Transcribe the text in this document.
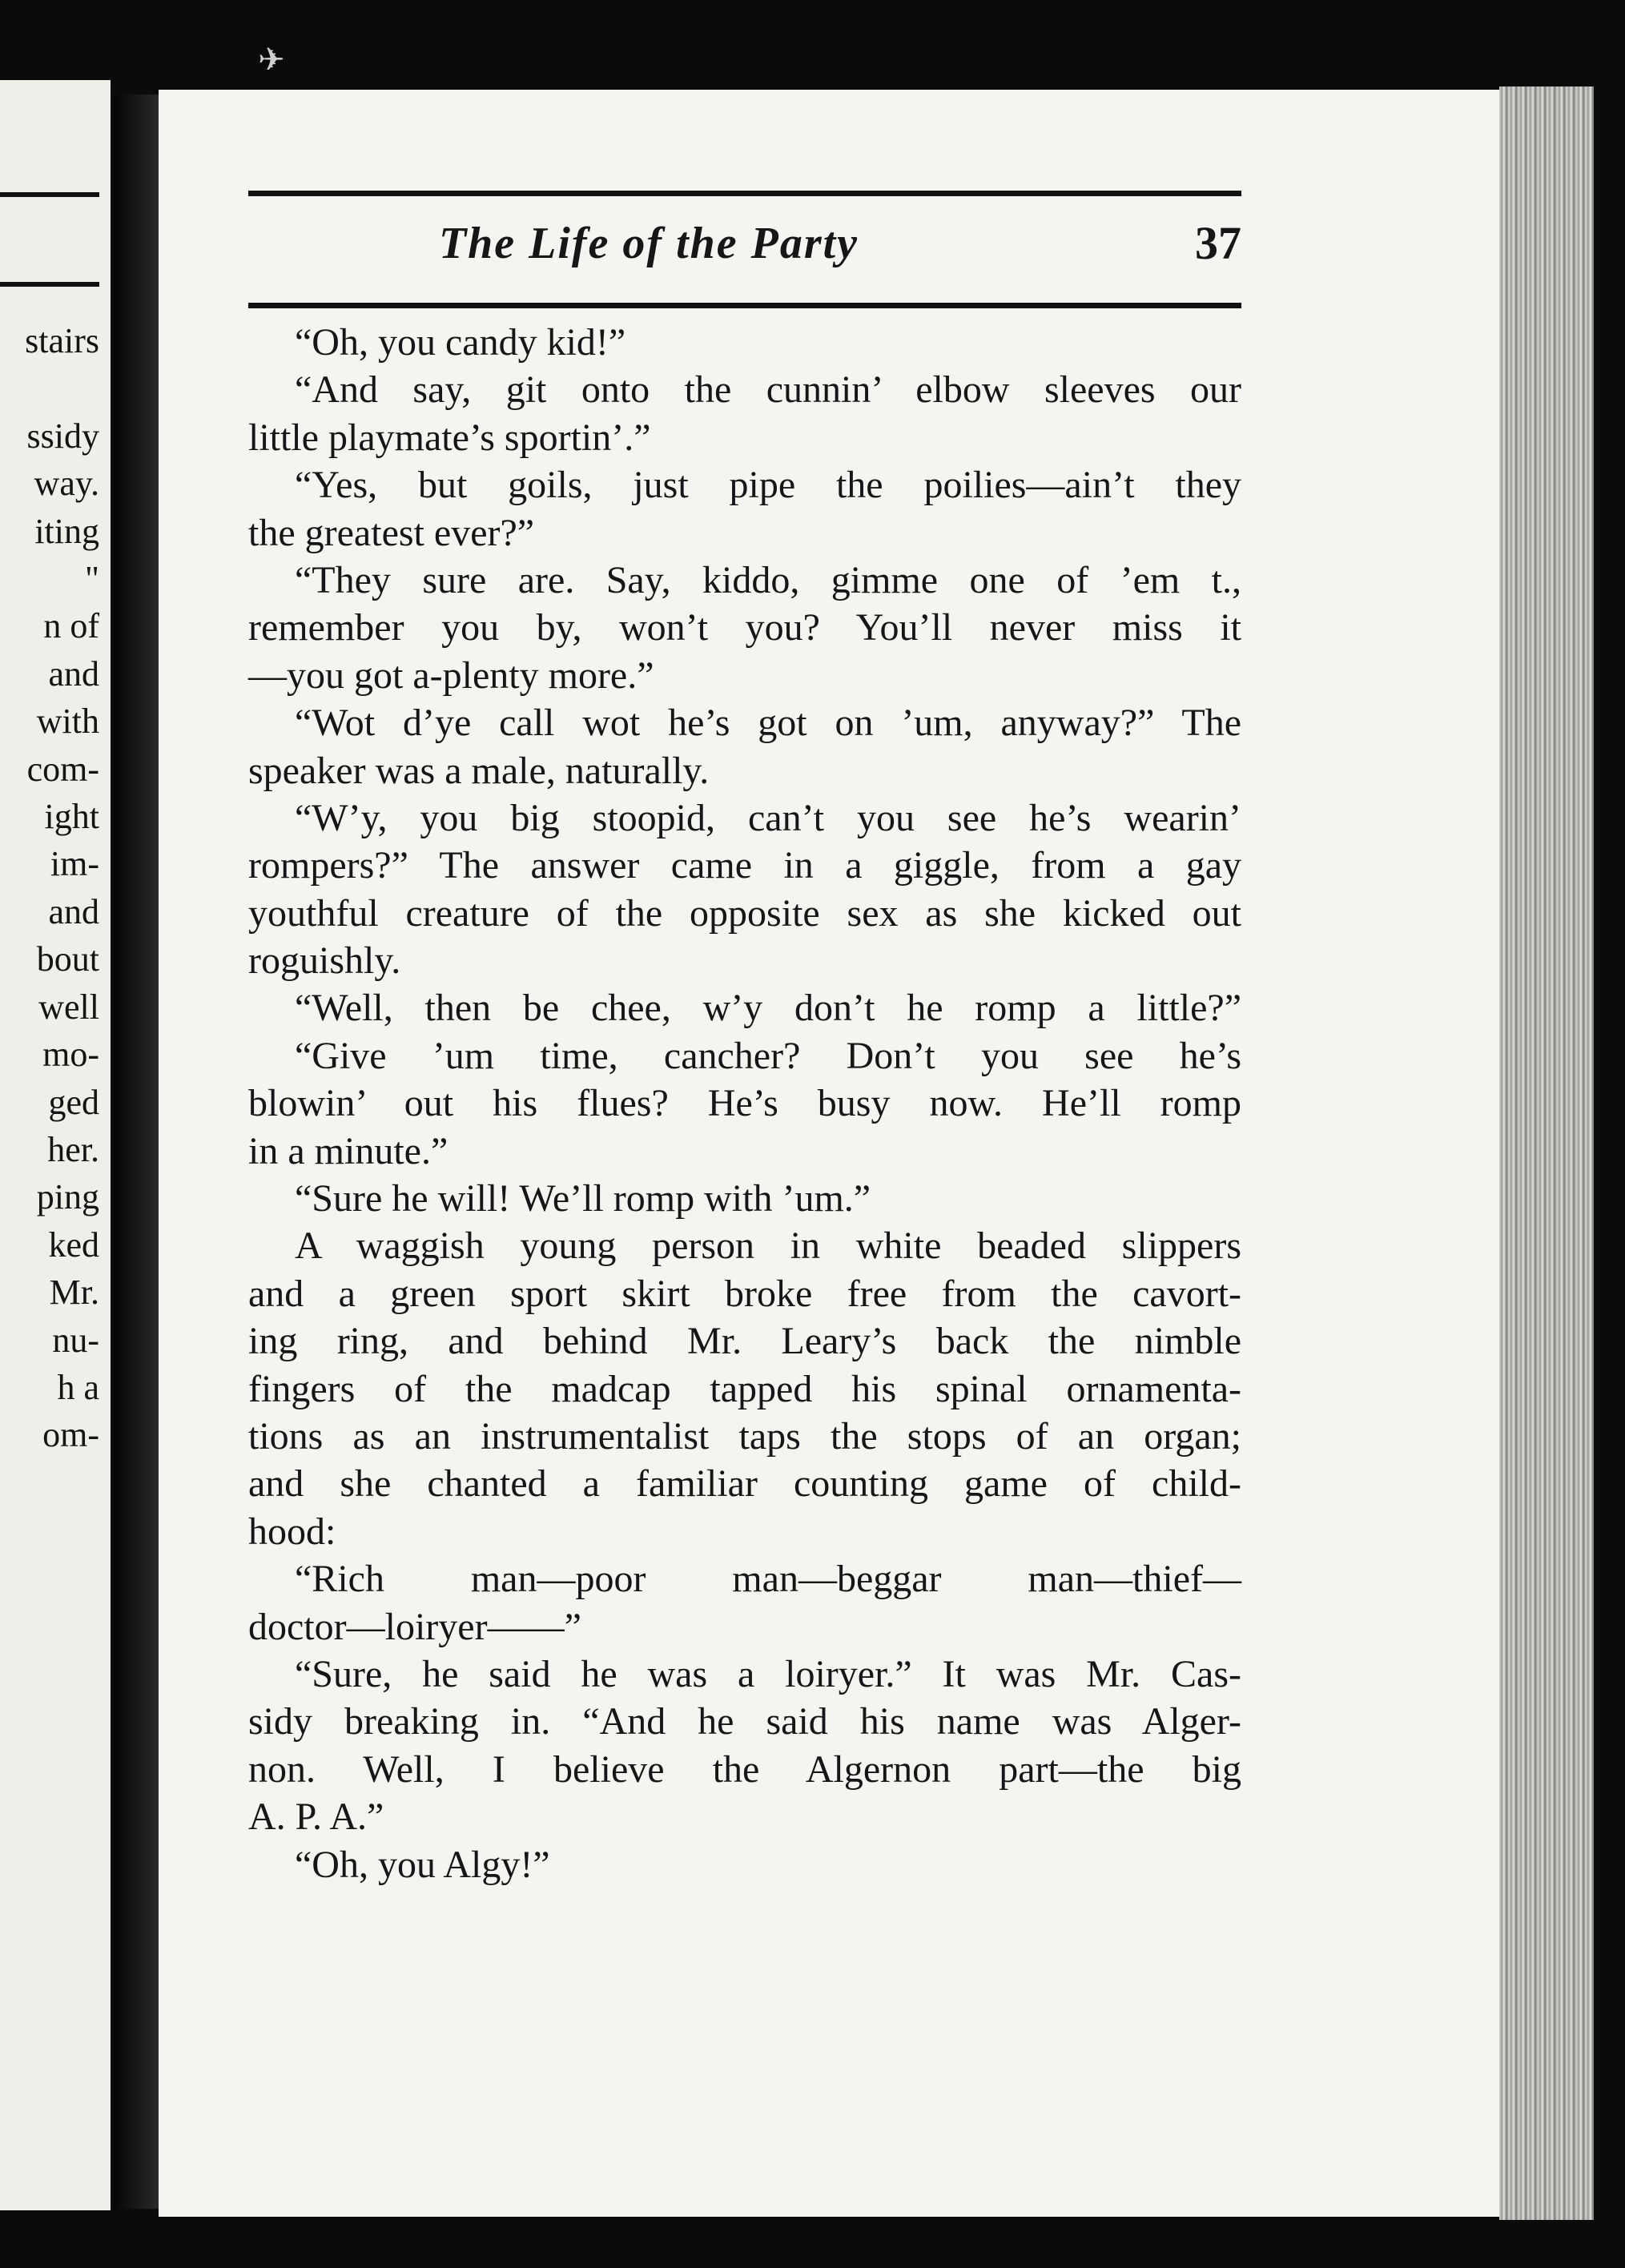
✈
stairs

ssidy
way.
iting
"
n of
and
with
com-
ight
im-
and
bout
well
mo-
ged
her.
ping
ked
Mr.
nu-
h a
om-
The Life of the Party	37
“Oh, you candy kid!”
“And say, git onto the cunnin’ elbow sleeves our
little playmate’s sportin’.”
“Yes, but goils, just pipe the poilies—ain’t they
the greatest ever?”
“They sure are. Say, kiddo, gimme one of ’em t.,
remember you by, won’t you? You’ll never miss it
—you got a-plenty more.”
“Wot d’ye call wot he’s got on ’um, anyway?” The
speaker was a male, naturally.
“W’y, you big stoopid, can’t you see he’s wearin’
rompers?” The answer came in a giggle, from a gay
youthful creature of the opposite sex as she kicked out
roguishly.
“Well, then be chee, w’y don’t he romp a little?”
“Give ’um time, cancher? Don’t you see he’s
blowin’ out his flues? He’s busy now. He’ll romp
in a minute.”
“Sure he will! We’ll romp with ’um.”
A waggish young person in white beaded slippers
and a green sport skirt broke free from the cavort-
ing ring, and behind Mr. Leary’s back the nimble
fingers of the madcap tapped his spinal ornamenta-
tions as an instrumentalist taps the stops of an organ;
and she chanted a familiar counting game of child-
hood:
“Rich man—poor man—beggar man—thief—
doctor—loiryer——”
“Sure, he said he was a loiryer.” It was Mr. Cas-
sidy breaking in. “And he said his name was Alger-
non. Well, I believe the Algernon part—the big
A. P. A.”
“Oh, you Algy!”
